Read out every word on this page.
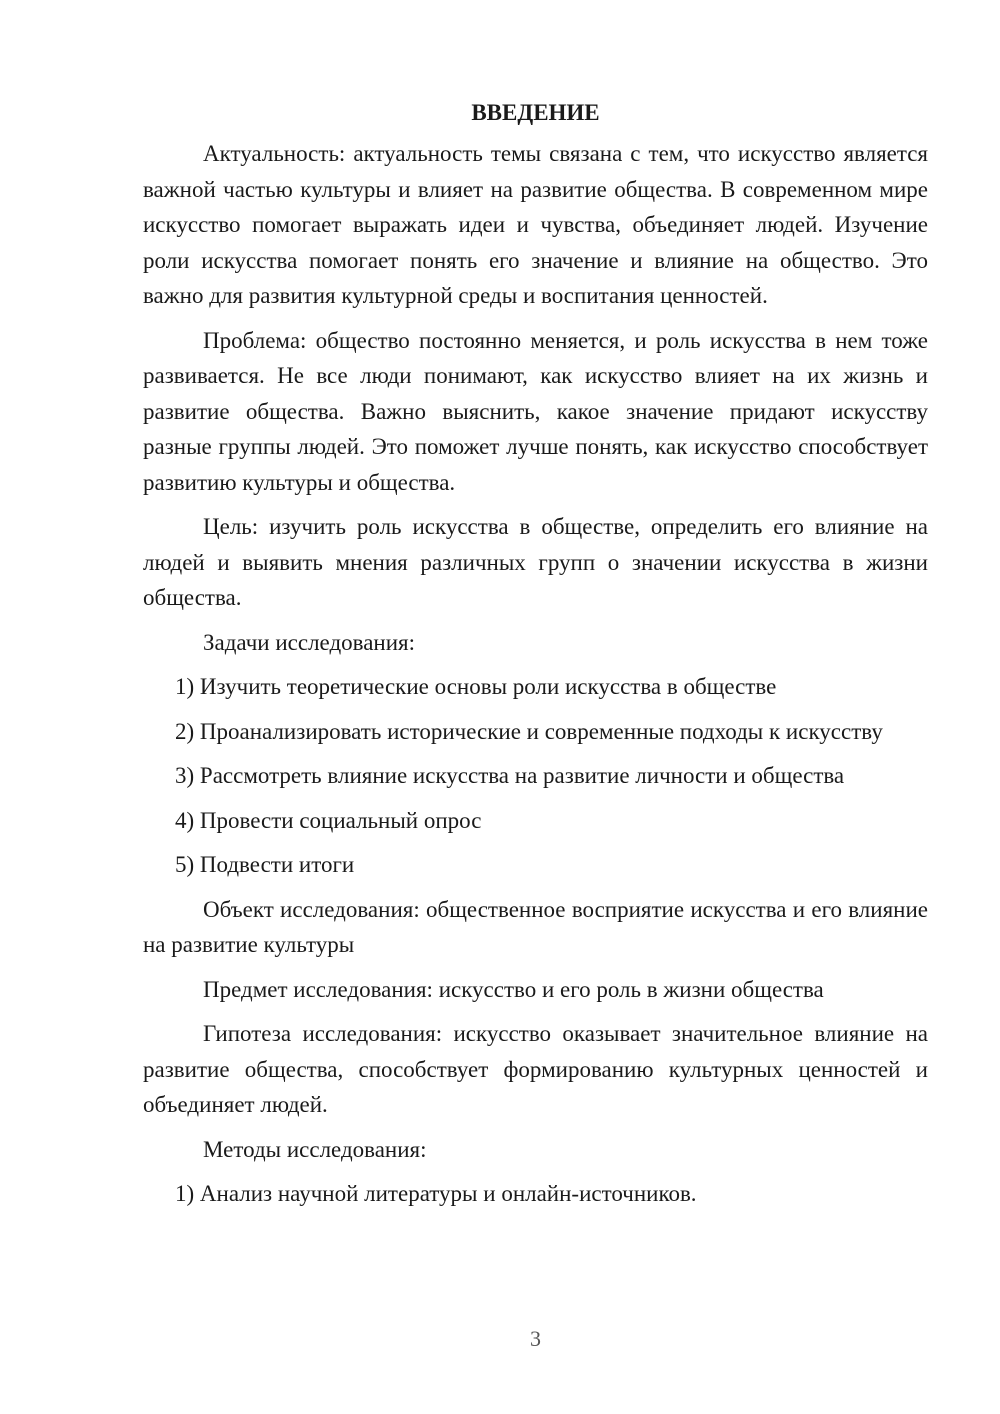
ВВЕДЕНИЕ

Актуальность: актуальность темы связана с тем, что искусство является важной частью культуры и влияет на развитие общества. В современном мире искусство помогает выражать идеи и чувства, объединяет людей. Изучение роли искусства помогает понять его значение и влияние на общество. Это важно для развития культурной среды и воспитания ценностей.

Проблема: общество постоянно меняется, и роль искусства в нем тоже развивается. Не все люди понимают, как искусство влияет на их жизнь и развитие общества. Важно выяснить, какое значение придают искусству разные группы людей. Это поможет лучше понять, как искусство способствует развитию культуры и общества.

Цель: изучить роль искусства в обществе, определить его влияние на людей и выявить мнения различных групп о значении искусства в жизни общества.

Задачи исследования:

1) Изучить теоретические основы роли искусства в обществе

2) Проанализировать исторические и современные подходы к искусству

3) Рассмотреть влияние искусства на развитие личности и общества

4) Провести социальный опрос

5) Подвести итоги

Объект исследования: общественное восприятие искусства и его влияние на развитие культуры

Предмет исследования: искусство и его роль в жизни общества

Гипотеза исследования: искусство оказывает значительное влияние на развитие общества, способствует формированию культурных ценностей и объединяет людей.

Методы исследования:

1) Анализ научной литературы и онлайн-источников.

3
